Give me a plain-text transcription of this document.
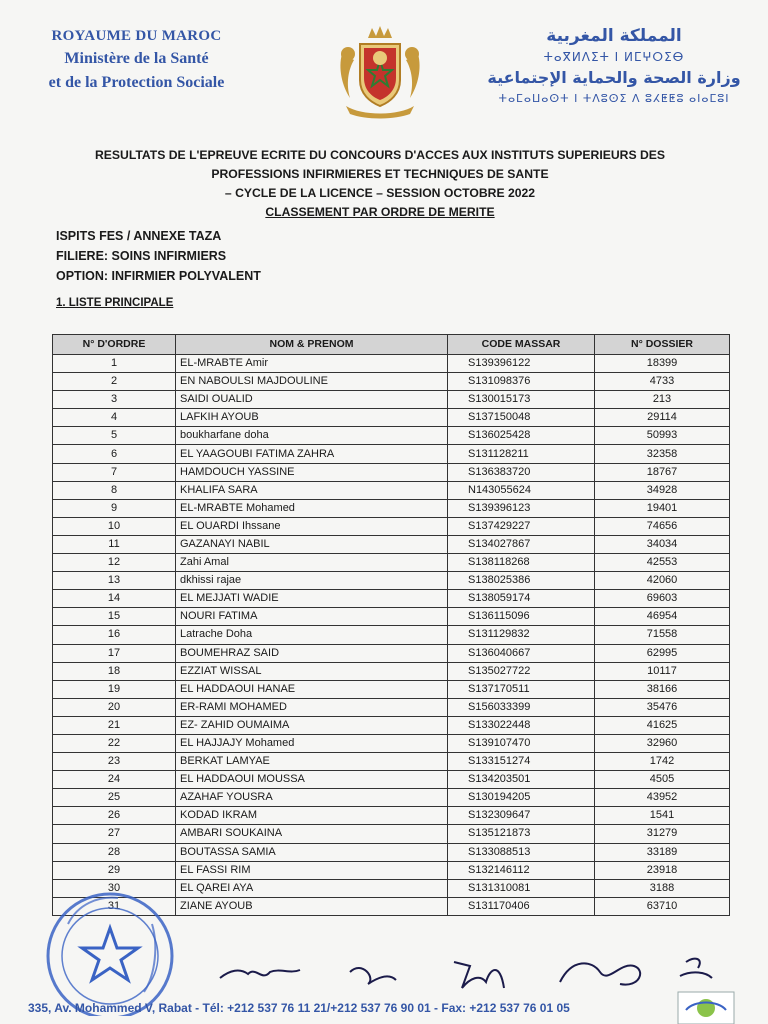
ROYAUME DU MAROC
Ministère de la Santé
et de la Protection Sociale
المملكة المغربية
ⵜⴰⴳⵍⴷⵉⵜ ⵏ ⵍⵎⵖⵔⵉⴱ
وزارة الصحة والحماية الإجتماعية
ⵜⴰⵎⴰⵡⴰⵙⵜ ⵏ ⵜⴷⵓⵙⵉ ⴷ ⵓⵃⵟⵟⵓ ⴰⵏⴰⵎⵓⵏ
RESULTATS DE L'EPREUVE ECRITE DU CONCOURS D'ACCES AUX INSTITUTS SUPERIEURS DES
PROFESSIONS INFIRMIERES ET TECHNIQUES DE SANTE
– CYCLE DE LA LICENCE – SESSION OCTOBRE 2022
CLASSEMENT PAR ORDRE DE MERITE
ISPITS FES / ANNEXE TAZA
FILIERE: SOINS INFIRMIERS
OPTION: INFIRMIER POLYVALENT
1. LISTE PRINCIPALE
N° D'ORDRE	NOM & PRENOM	CODE MASSAR	N° DOSSIER
1	EL-MRABTE Amir	S139396122	18399
2	EN NABOULSI MAJDOULINE	S131098376	4733
3	SAIDI OUALID	S130015173	213
4	LAFKIH AYOUB	S137150048	29114
5	boukharfane doha	S136025428	50993
6	EL YAAGOUBI FATIMA ZAHRA	S131128211	32358
7	HAMDOUCH YASSINE	S136383720	18767
8	KHALIFA SARA	N143055624	34928
9	EL-MRABTE Mohamed	S139396123	19401
10	EL OUARDI Ihssane	S137429227	74656
11	GAZANAYI NABIL	S134027867	34034
12	Zahi Amal	S138118268	42553
13	dkhissi rajae	S138025386	42060
14	EL MEJJATI WADIE	S138059174	69603
15	NOURI FATIMA	S136115096	46954
16	Latrache Doha	S131129832	71558
17	BOUMEHRAZ SAID	S136040667	62995
18	EZZIAT WISSAL	S135027722	10117
19	EL HADDAOUI HANAE	S137170511	38166
20	ER-RAMI MOHAMED	S156033399	35476
21	EZ- ZAHID OUMAIMA	S133022448	41625
22	EL HAJJAJY Mohamed	S139107470	32960
23	BERKAT LAMYAE	S133151274	1742
24	EL HADDAOUI MOUSSA	S134203501	4505
25	AZAHAF YOUSRA	S130194205	43952
26	KODAD IKRAM	S132309647	1541
27	AMBARI SOUKAINA	S135121873	31279
28	BOUTASSA SAMIA	S133088513	33189
29	EL FASSI RIM	S132146112	23918
30	EL QAREI AYA	S131310081	3188
31	ZIANE AYOUB	S131170406	63710
335, Av. Mohammed V, Rabat - Tél: +212 537 76 11 21/+212 537 76 90 01 - Fax: +212 537 76 01 05
